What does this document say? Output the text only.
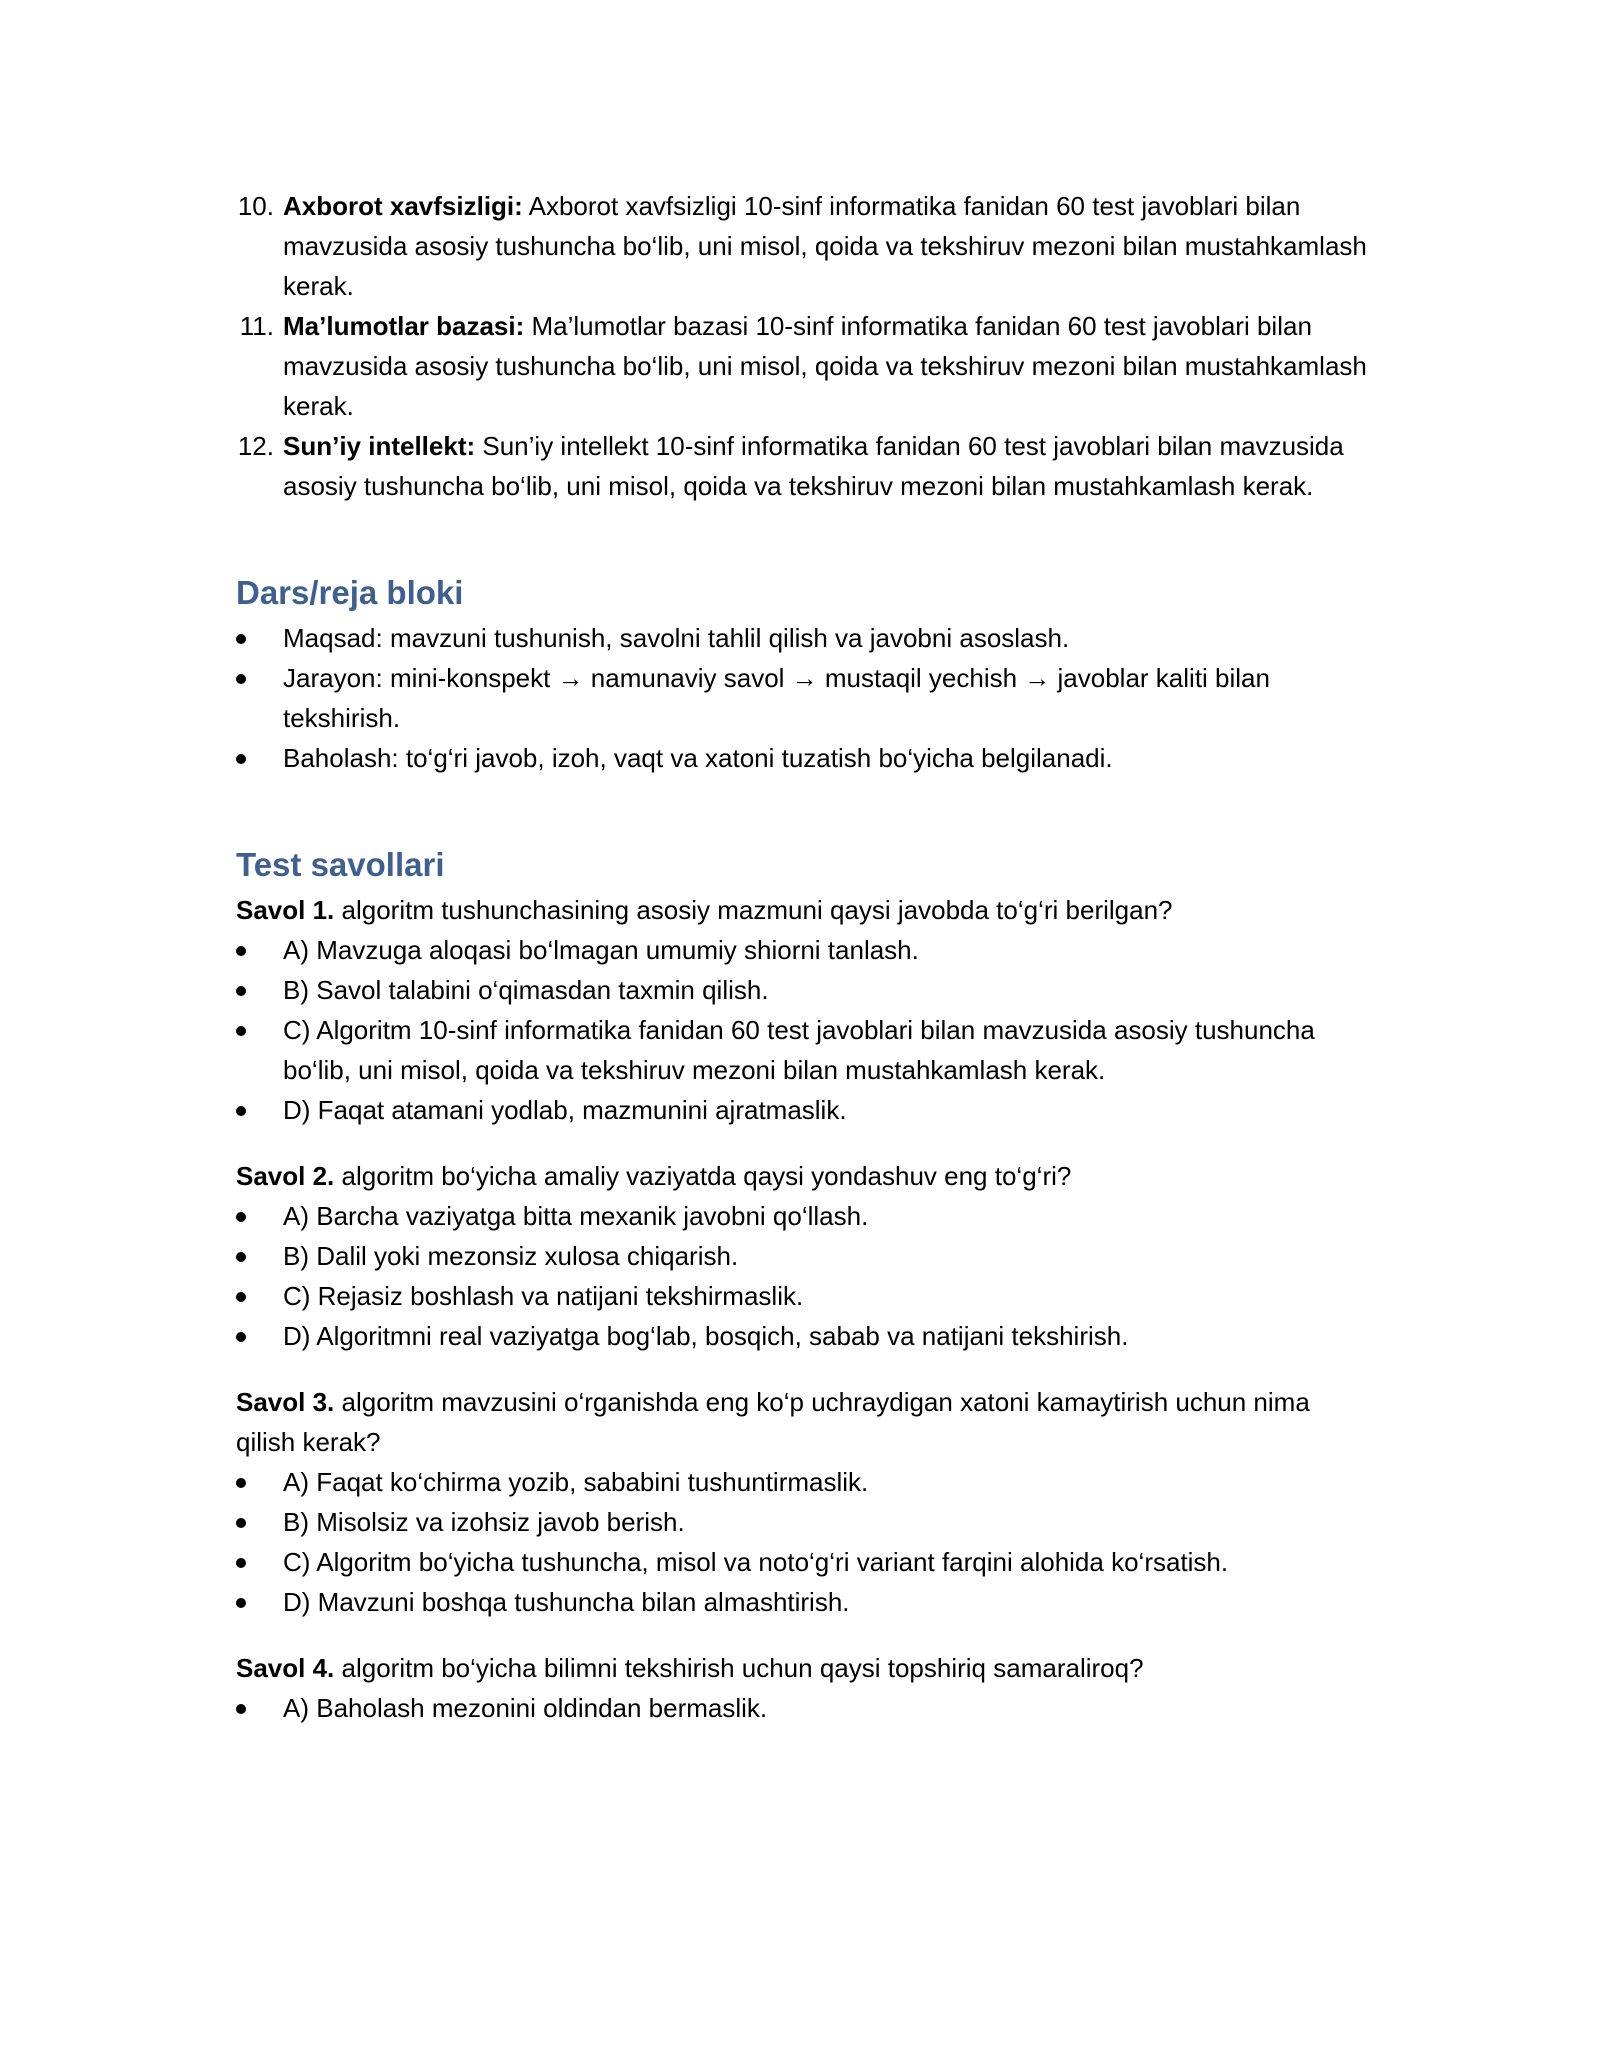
10. Axborot xavfsizligi: Axborot xavfsizligi 10-sinf informatika fanidan 60 test javoblari bilan mavzusida asosiy tushuncha bo‘lib, uni misol, qoida va tekshiruv mezoni bilan mustahkamlash kerak.
11. Ma’lumotlar bazasi: Ma’lumotlar bazasi 10-sinf informatika fanidan 60 test javoblari bilan mavzusida asosiy tushuncha bo‘lib, uni misol, qoida va tekshiruv mezoni bilan mustahkamlash kerak.
12. Sun’iy intellekt: Sun’iy intellekt 10-sinf informatika fanidan 60 test javoblari bilan mavzusida asosiy tushuncha bo‘lib, uni misol, qoida va tekshiruv mezoni bilan mustahkamlash kerak.
Dars/reja bloki
Maqsad: mavzuni tushunish, savolni tahlil qilish va javobni asoslash.
Jarayon: mini-konspekt → namunaviy savol → mustaqil yechish → javoblar kaliti bilan tekshirish.
Baholash: to‘g‘ri javob, izoh, vaqt va xatoni tuzatish bo‘yicha belgilanadi.
Test savollari

Savol 1. algoritm tushunchasining asosiy mazmuni qaysi javobda to‘g‘ri berilgan?

A) Mavzuga aloqasi bo‘lmagan umumiy shiorni tanlash.
B) Savol talabini o‘qimasdan taxmin qilish.
C) Algoritm 10-sinf informatika fanidan 60 test javoblari bilan mavzusida asosiy tushuncha bo‘lib, uni misol, qoida va tekshiruv mezoni bilan mustahkamlash kerak.
D) Faqat atamani yodlab, mazmunini ajratmaslik.

Savol 2. algoritm bo‘yicha amaliy vaziyatda qaysi yondashuv eng to‘g‘ri?

A) Barcha vaziyatga bitta mexanik javobni qo‘llash.
B) Dalil yoki mezonsiz xulosa chiqarish.
C) Rejasiz boshlash va natijani tekshirmaslik.
D) Algoritmni real vaziyatga bog‘lab, bosqich, sabab va natijani tekshirish.

Savol 3. algoritm mavzusini o‘rganishda eng ko‘p uchraydigan xatoni kamaytirish uchun nima qilish kerak?

A) Faqat ko‘chirma yozib, sababini tushuntirmaslik.
B) Misolsiz va izohsiz javob berish.
C) Algoritm bo‘yicha tushuncha, misol va noto‘g‘ri variant farqini alohida ko‘rsatish.
D) Mavzuni boshqa tushuncha bilan almashtirish.

Savol 4. algoritm bo‘yicha bilimni tekshirish uchun qaysi topshiriq samaraliroq?

A) Baholash mezonini oldindan bermaslik.
